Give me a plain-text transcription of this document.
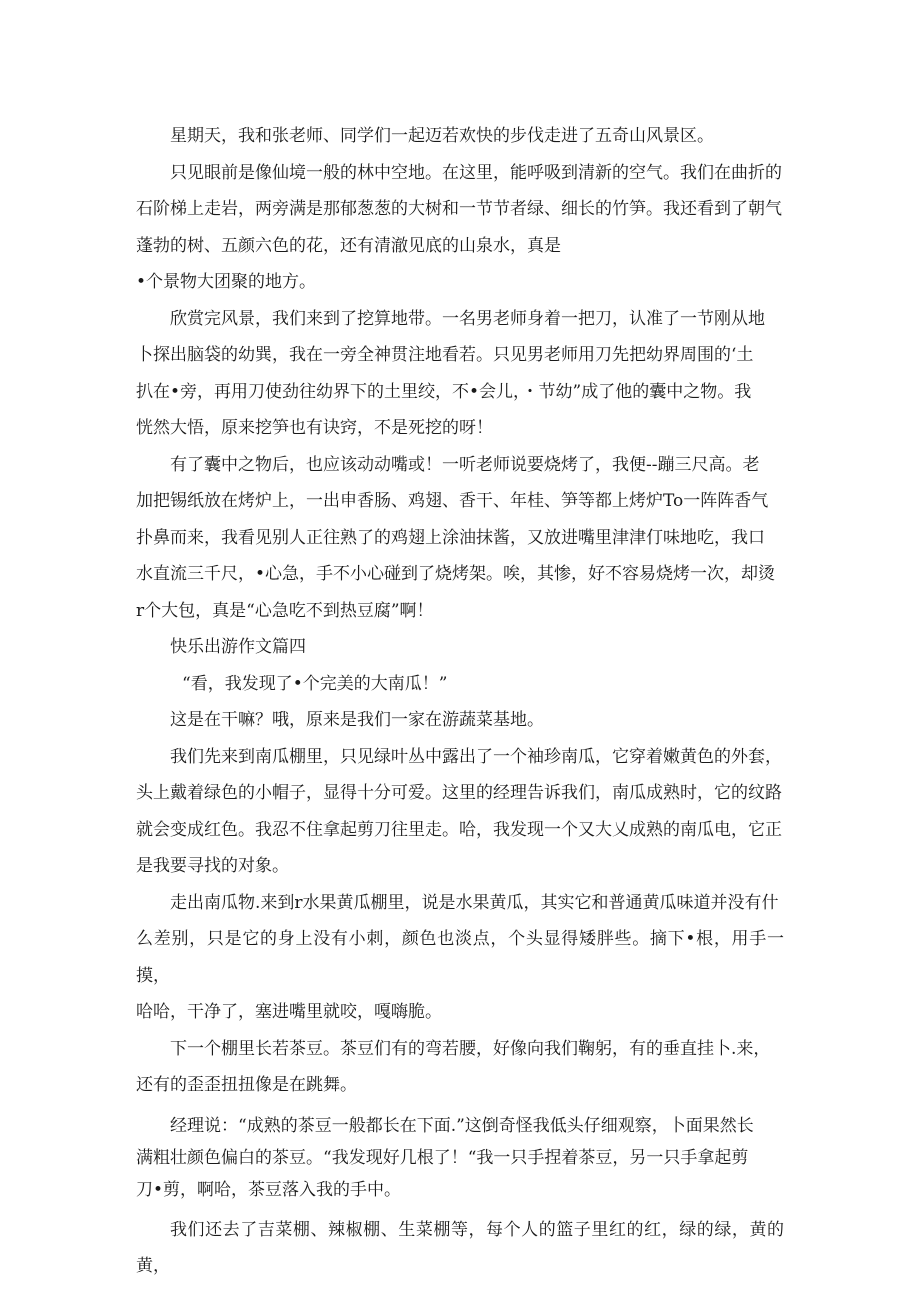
星期天，我和张老师、同学们一起迈若欢快的步伐走进了五奇山风景区。

只见眼前是像仙境一般的林中空地。在这里，能呼吸到清新的空气。我们在曲折的
石阶梯上走岩，两旁满是那郁葱葱的大树和一节节者绿、细长的竹笋。我还看到了朝气
蓬勃的树、五颜六色的花，还有清澈见底的山泉水，真是

•个景物大团聚的地方。

欣赏完风景，我们来到了挖算地带。一名男老师身着一把刀，认准了一节刚从地
卜探出脑袋的幼巽，我在一旁全神贯注地看若。只见男老师用刀先把幼界周围的‘土
扒在•旁，再用刀使劲往幼界下的土里绞，不•会儿，・节幼”成了他的囊中之物。我
恍然大悟，原来挖笋也有诀窍，不是死挖的呀！

有了囊中之物后，也应该动动嘴或！一听老师说要烧烤了，我便--蹦三尺高。老
加把锡纸放在烤炉上，一出申香肠、鸡翅、香干、年桂、笋等都上烤炉To一阵阵香气
扑鼻而来，我看见别人正往熟了的鸡翅上涂油抹酱，又放进嘴里津津仃味地吃，我口
水直流三千尺，•心急，手不小心碰到了烧烤架。唉，其惨，好不容易烧烤一次，却烫
r个大包，真是“心急吃不到热豆腐”啊！

快乐出游作文篇四

“看，我发现了•个完美的大南瓜！”

这是在干嘛？哦，原来是我们一家在游蔬菜基地。

我们先来到南瓜棚里，只见绿叶丛中露出了一个袖珍南瓜，它穿着嫩黄色的外套，
头上戴着绿色的小帽子，显得十分可爱。这里的经理告诉我们，南瓜成熟时，它的纹路
就会变成红色。我忍不住拿起剪刀往里走。哈，我发现一个又大乂成熟的南瓜电，它正
是我要寻找的对象。

走出南瓜物.来到r水果黄瓜棚里，说是水果黄瓜，其实它和普通黄瓜味道并没有什
么差别，只是它的身上没有小刺，颜色也淡点，个头显得矮胖些。摘下•根，用手一摸，
哈哈，干净了，塞进嘴里就咬，嘎嗨脆。

下一个棚里长若茶豆。茶豆们有的弯若腰，好像向我们鞠躬，有的垂直挂卜.来，
还有的歪歪扭扭像是在跳舞。

经理说：“成熟的茶豆一般都长在下面.”这倒奇怪我低头仔细观察，卜面果然长
满粗壮颜色偏白的茶豆。“我发现好几根了！“我一只手捏着茶豆，另一只手拿起剪
刀•剪，啊哈，茶豆落入我的手中。

我们还去了吉菜棚、辣椒棚、生菜棚等，每个人的篮子里红的红，绿的绿，黄的黄，
